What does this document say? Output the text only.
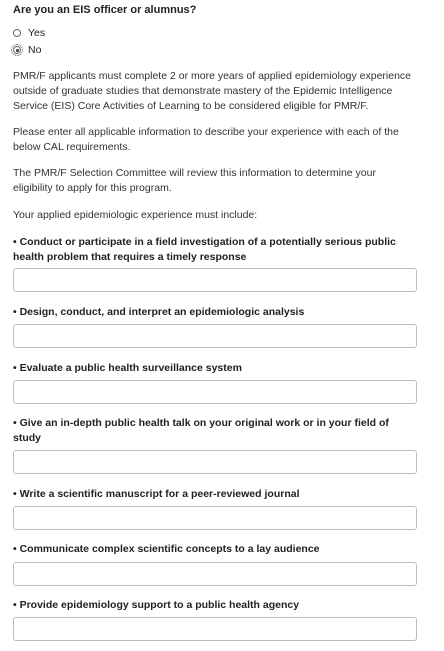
Are you an EIS officer or alumnus?
Yes
No
PMR/F applicants must complete 2 or more years of applied epidemiology experience outside of graduate studies that demonstrate mastery of the Epidemic Intelligence Service (EIS) Core Activities of Learning to be considered eligible for PMR/F.
Please enter all applicable information to describe your experience with each of the below CAL requirements.
The PMR/F Selection Committee will review this information to determine your eligibility to apply for this program.
Your applied epidemiologic experience must include:
• Conduct or participate in a field investigation of a potentially serious public health problem that requires a timely response
• Design, conduct, and interpret an epidemiologic analysis
• Evaluate a public health surveillance system
• Give an in-depth public health talk on your original work or in your field of study
• Write a scientific manuscript for a peer-reviewed journal
• Communicate complex scientific concepts to a lay audience
• Provide epidemiology support to a public health agency
